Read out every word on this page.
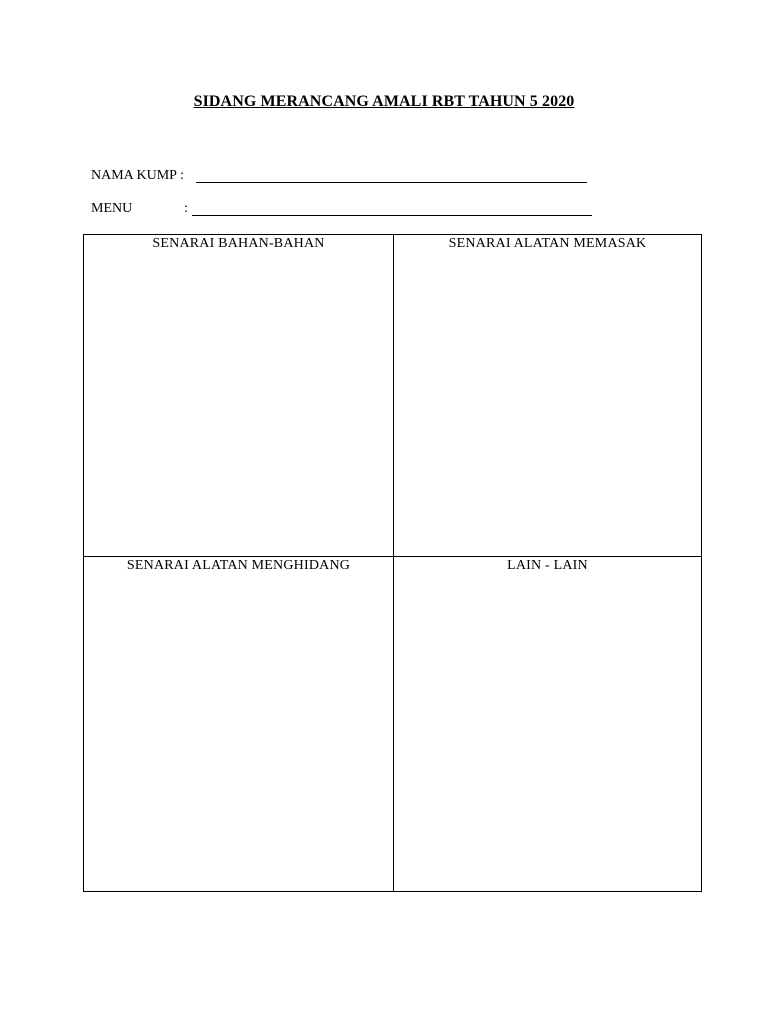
SIDANG MERANCANG AMALI RBT TAHUN 5 2020
NAMA KUMP :
MENU	:
SENARAI BAHAN-BAHAN	SENARAI ALATAN MEMASAK
SENARAI ALATAN MENGHIDANG	LAIN - LAIN
